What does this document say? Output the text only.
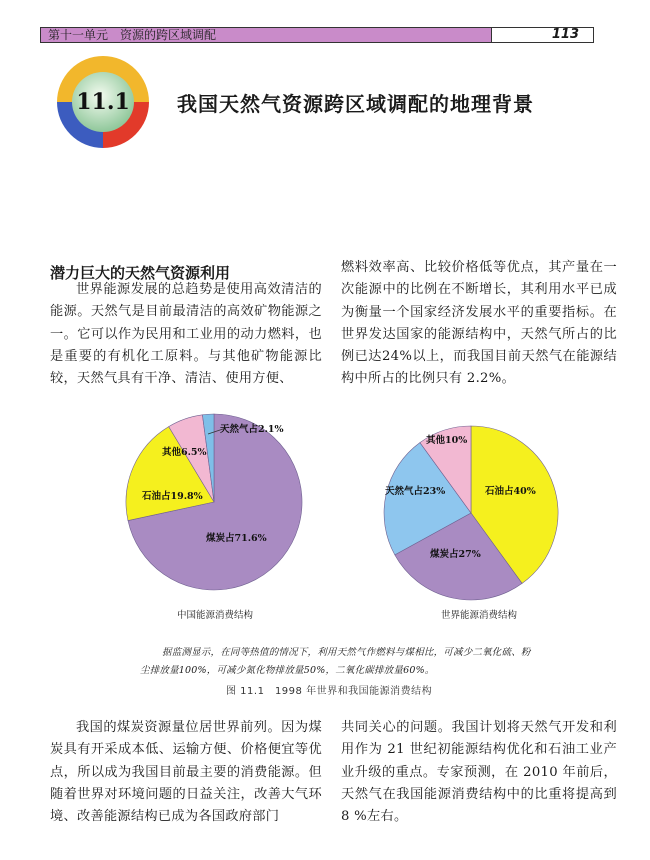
第十一单元 资源的跨区域调配	113
11.1	我国天然气资源跨区域调配的地理背景
潜力巨大的天然气资源利用
世界能源发展的总趋势是使用高效清洁的能源。天然气是目前最清洁的高效矿物能源之一。它可以作为民用和工业用的动力燃料，也是重要的有机化工原料。与其他矿物能源比较，天然气具有干净、清洁、使用方便、
燃料效率高、比较价格低等优点，其产量在一次能源中的比例在不断增长，其利用水平已成为衡量一个国家经济发展水平的重要指标。在世界发达国家的能源结构中，天然气所占的比例已达24%以上，而我国目前天然气在能源结构中所占的比例只有 2.2%。
天然气占2.1%
其他6.5%
石油占19.8%
煤炭占71.6%
中国能源消费结构
其他10%
天然气占23%	石油占40%
煤炭占27%
世界能源消费结构
据监测显示，在同等热值的情况下，利用天然气作燃料与煤相比，可减少二氧化硫、粉尘排放量100%，可减少氮化物排放量50%，二氧化碳排放量60%。
图 11.1　1998 年世界和我国能源消费结构
我国的煤炭资源量位居世界前列。因为煤炭具有开采成本低、运输方便、价格便宜等优点，所以成为我国目前最主要的消费能源。但随着世界对环境问题的日益关注，改善大气环境、改善能源结构已成为各国政府部门
共同关心的问题。我国计划将天然气开发和利用作为 21 世纪初能源结构优化和石油工业产业升级的重点。专家预测，在 2010 年前后，天然气在我国能源消费结构中的比重将提高到 8 %左右。
